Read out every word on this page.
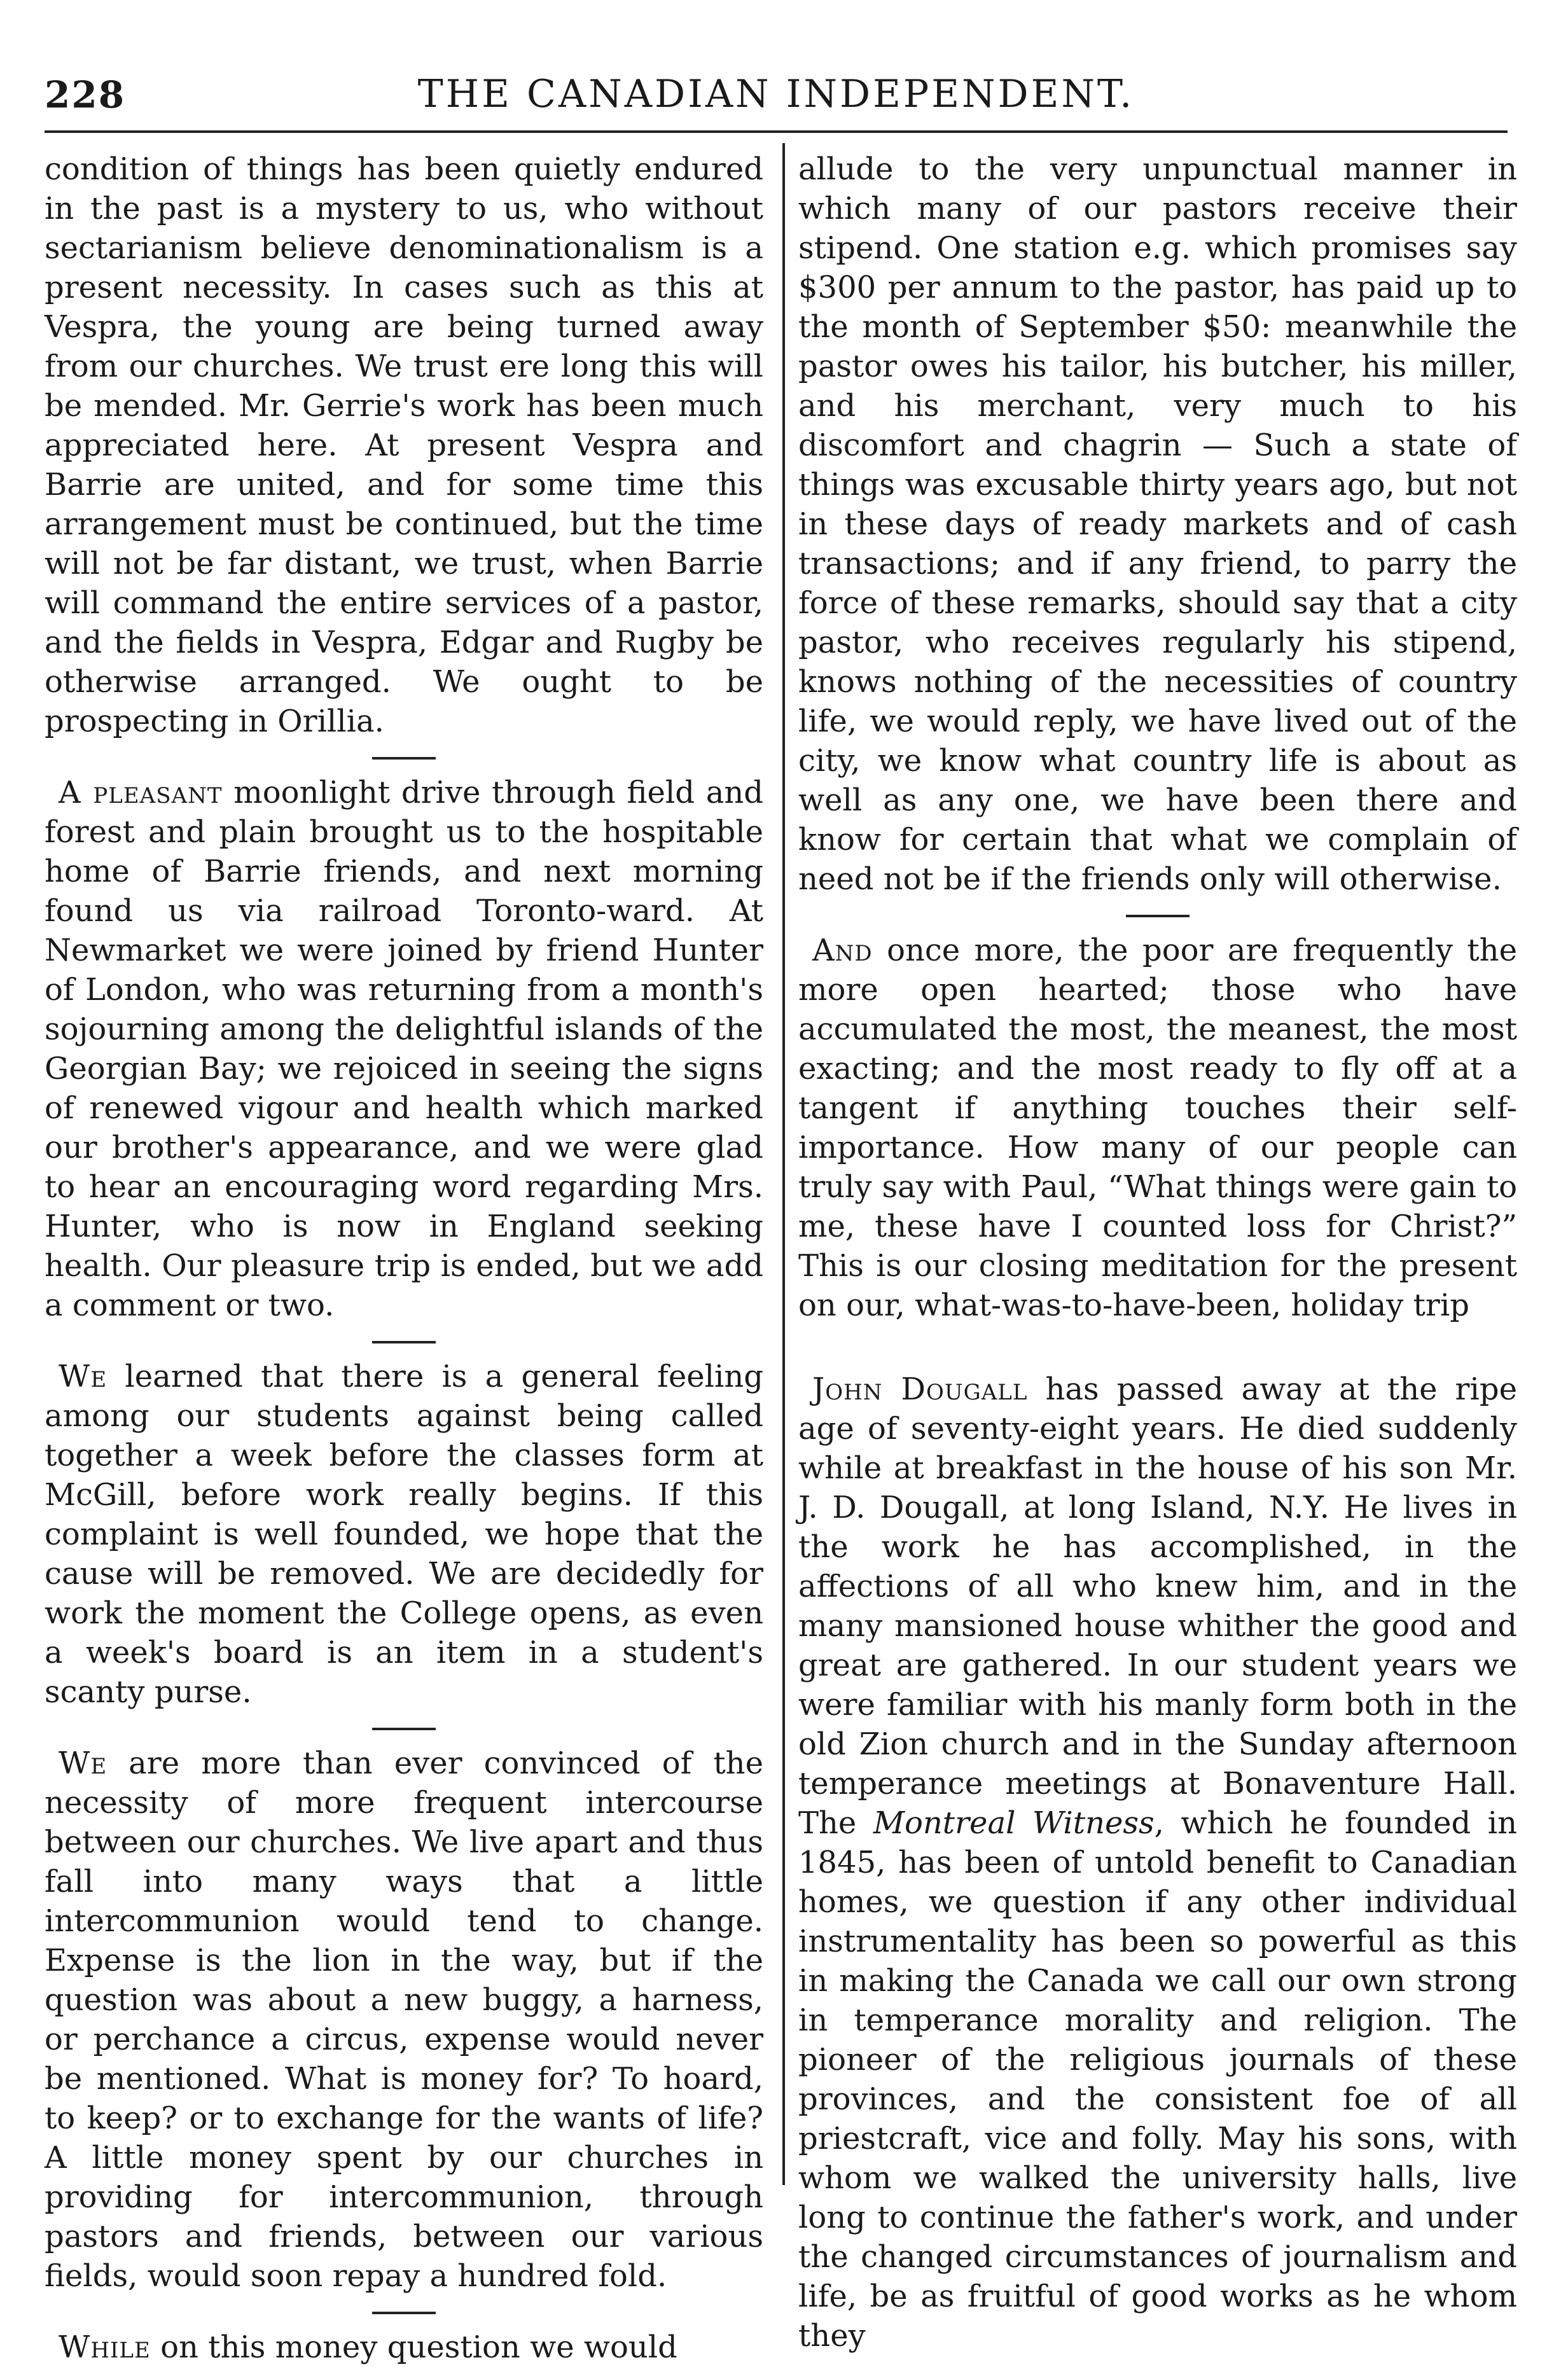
228	THE CANADIAN INDEPENDENT.

condition of things has been quietly endured in the past is a mystery to us, who without sectarianism believe denominationalism is a present necessity. In cases such as this at Vespra, the young are being turned away from our churches. We trust ere long this will be mended. Mr. Gerrie's work has been much appreciated here. At present Vespra and Barrie are united, and for some time this arrangement must be continued, but the time will not be far distant, we trust, when Barrie will command the entire services of a pastor, and the fields in Vespra, Edgar and Rugby be otherwise arranged. We ought to be prospecting in Orillia.

A pleasant moonlight drive through field and forest and plain brought us to the hospitable home of Barrie friends, and next morning found us via railroad Toronto-ward. At Newmarket we were joined by friend Hunter of London, who was returning from a month's sojourning among the delightful islands of the Georgian Bay; we rejoiced in seeing the signs of renewed vigour and health which marked our brother's appearance, and we were glad to hear an encouraging word regarding Mrs. Hunter, who is now in England seeking health. Our pleasure trip is ended, but we add a comment or two.

We learned that there is a general feeling among our students against being called together a week before the classes form at McGill, before work really begins. If this complaint is well founded, we hope that the cause will be removed. We are decidedly for work the moment the College opens, as even a week's board is an item in a student's scanty purse.

We are more than ever convinced of the necessity of more frequent intercourse between our churches. We live apart and thus fall into many ways that a little intercommunion would tend to change. Expense is the lion in the way, but if the question was about a new buggy, a harness, or perchance a circus, expense would never be mentioned. What is money for? To hoard, to keep? or to exchange for the wants of life? A little money spent by our churches in providing for intercommunion, through pastors and friends, between our various fields, would soon repay a hundred fold.

While on this money question we would

allude to the very unpunctual manner in which many of our pastors receive their stipend. One station e.g. which promises say $300 per annum to the pastor, has paid up to the month of September $50: meanwhile the pastor owes his tailor, his butcher, his miller, and his merchant, very much to his discomfort and chagrin — Such a state of things was excusable thirty years ago, but not in these days of ready markets and of cash transactions; and if any friend, to parry the force of these remarks, should say that a city pastor, who receives regularly his stipend, knows nothing of the necessities of country life, we would reply, we have lived out of the city, we know what country life is about as well as any one, we have been there and know for certain that what we complain of need not be if the friends only will otherwise.

And once more, the poor are frequently the more open hearted; those who have accumulated the most, the meanest, the most exacting; and the most ready to fly off at a tangent if anything touches their self-importance. How many of our people can truly say with Paul, “What things were gain to me, these have I counted loss for Christ?” This is our closing meditation for the present on our, what-was-to-have-been, holiday trip

John Dougall has passed away at the ripe age of seventy-eight years. He died suddenly while at breakfast in the house of his son Mr. J. D. Dougall, at long Island, N.Y. He lives in the work he has accomplished, in the affections of all who knew him, and in the many mansioned house whither the good and great are gathered. In our student years we were familiar with his manly form both in the old Zion church and in the Sunday afternoon temperance meetings at Bonaventure Hall. The Montreal Witness, which he founded in 1845, has been of untold benefit to Canadian homes, we question if any other individual instrumentality has been so powerful as this in making the Canada we call our own strong in temperance morality and religion. The pioneer of the religious journals of these provinces, and the consistent foe of all priestcraft, vice and folly. May his sons, with whom we walked the university halls, live long to continue the father's work, and under the changed circumstances of journalism and life, be as fruitful of good works as he whom they
